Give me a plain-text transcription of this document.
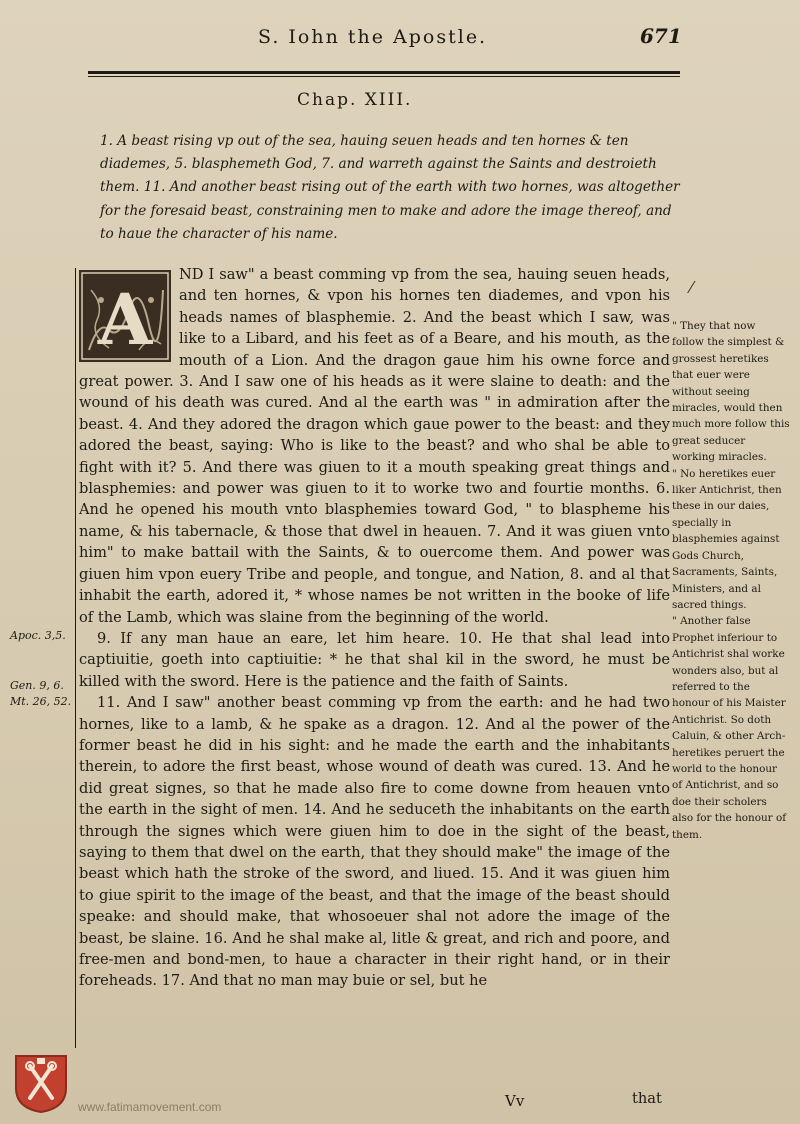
S. Iohn the Apostle.	671
Chap. XIII.

1. A beast rising vp out of the sea, hauing seuen heads and ten hornes & ten diademes, 5. blasphemeth God, 7. and warreth against the Saints and destroieth them. 11. And another beast rising out of the earth with two hornes, was altogether for the foresaid beast, constraining men to make and adore the image thereof, and to haue the character of his name.

⁄
A

ND I saw" a beast comming vp from the sea, hauing seuen heads, and ten hornes, & vpon his hornes ten diademes, and vpon his heads names of blasphemie. 2. And the beast which I saw, was like to a Libard, and his feet as of a Beare, and his mouth, as the mouth of a Lion. And the dragon gaue him his owne force and great power. 3. And I saw one of his heads as it were slaine to death: and the wound of his death was cured. And al the earth was " in admiration after the beast. 4. And they adored the dragon which gaue power to the beast: and they adored the beast, saying: Who is like to the beast? and who shal be able to fight with it? 5. And there was giuen to it a mouth speaking great things and blasphemies: and power was giuen to it to worke two and fourtie months. 6. And he opened his mouth vnto blasphemies toward God, " to blaspheme his name, & his tabernacle, & those that dwel in heauen. 7. And it was giuen vnto him" to make battail with the Saints, & to ouercome them. And power was giuen him vpon euery Tribe and people, and tongue, and Nation, 8. and al that inhabit the earth, adored it, * whose names be not written in the booke of life of the Lamb, which was slaine from the beginning of the world.

9. If any man haue an eare, let him heare. 10. He that shal lead into captiuitie, goeth into captiuitie: * he that shal kil in the sword, he must be killed with the sword. Here is the patience and the faith of Saints.

11. And I saw" another beast comming vp from the earth: and he had two hornes, like to a lamb, & he spake as a dragon. 12. And al the power of the former beast he did in his sight: and he made the earth and the inhabitants therein, to adore the first beast, whose wound of death was cured. 13. And he did great signes, so that he made also fire to come downe from heauen vnto the earth in the sight of men. 14. And he seduceth the inhabitants on the earth through the signes which were giuen him to doe in the sight of the beast, saying to them that dwel on the earth, that they should make" the image of the beast which hath the stroke of the sword, and liued. 15. And it was giuen him to giue spirit to the image of the beast, and that the image of the beast should speake: and should make, that whosoeuer shal not adore the image of the beast, be slaine. 16. And he shal make al, litle & great, and rich and poore, and free-men and bond-men, to haue a character in their right hand, or in their foreheads. 17. And that no man may buie or sel, but he

" They that now follow the simplest & grossest heretikes that euer were without seeing miracles, would then much more follow this great seducer working miracles.

" No heretikes euer liker Antichrist, then these in our daies, specially in blasphemies against Gods Church, Sacraments, Saints, Ministers, and al sacred things.

" Another false Prophet inferiour to Antichrist shal worke wonders also, but al referred to the honour of his Maister Antichrist. So doth Caluin, & other Arch-heretikes peruert the world to the honour of Antichrist, and so doe their scholers also for the honour of them.

Apoc. 3,5.

Gen. 9, 6. Mt. 26, 52.

Vv	that
www.fatimamovement.com
